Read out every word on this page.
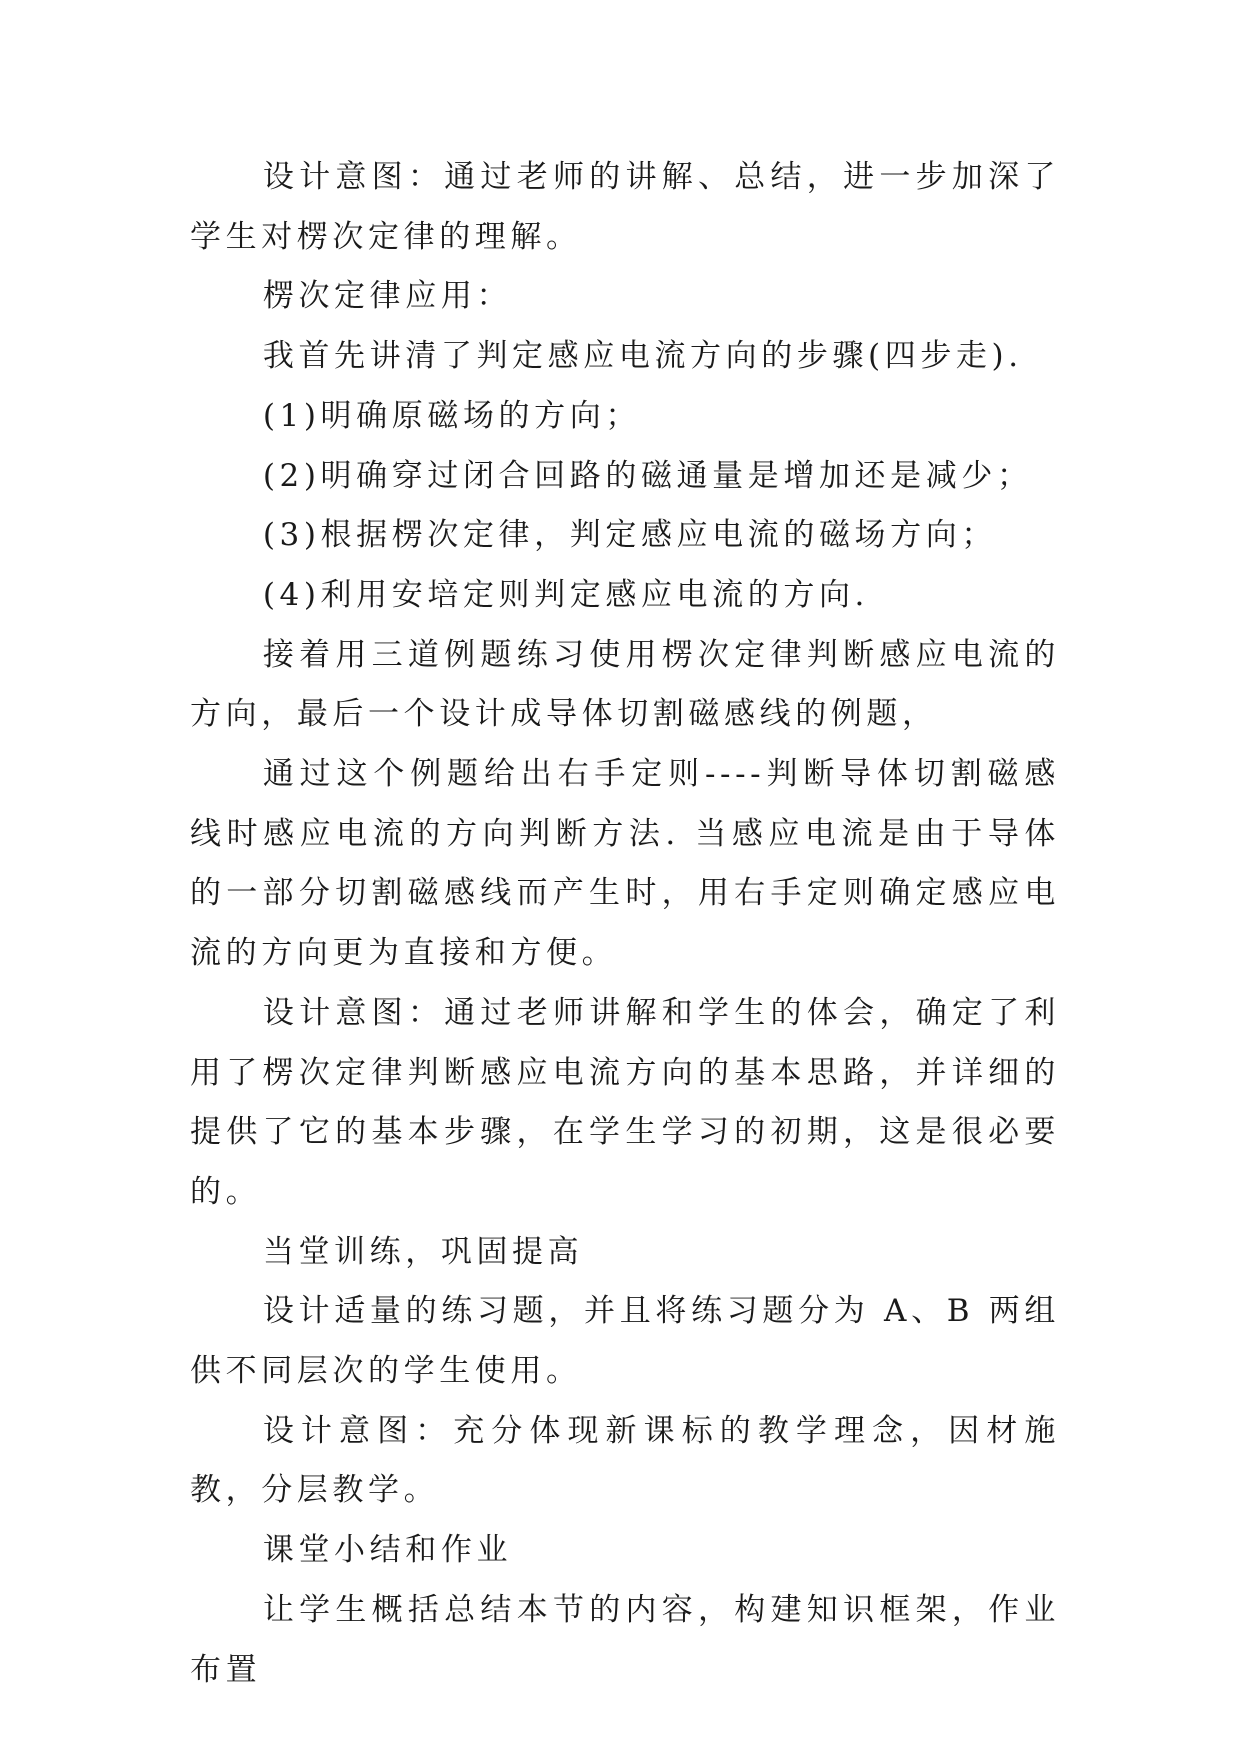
设计意图：通过老师的讲解、总结，进一步加深了学生对楞次定律的理解。

楞次定律应用：

我首先讲清了判定感应电流方向的步骤(四步走).

(1)明确原磁场的方向；

(2)明确穿过闭合回路的磁通量是增加还是减少；

(3)根据楞次定律，判定感应电流的磁场方向；

(4)利用安培定则判定感应电流的方向.

接着用三道例题练习使用楞次定律判断感应电流的方向，最后一个设计成导体切割磁感线的例题，

通过这个例题给出右手定则----判断导体切割磁感线时感应电流的方向判断方法. 当感应电流是由于导体的一部分切割磁感线而产生时，用右手定则确定感应电流的方向更为直接和方便。

设计意图：通过老师讲解和学生的体会，确定了利用了楞次定律判断感应电流方向的基本思路，并详细的提供了它的基本步骤，在学生学习的初期，这是很必要的。

当堂训练，巩固提高

设计适量的练习题，并且将练习题分为 A、B 两组供不同层次的学生使用。

设计意图：充分体现新课标的教学理念，因材施教，分层教学。

课堂小结和作业

让学生概括总结本节的内容，构建知识框架，作业布置
